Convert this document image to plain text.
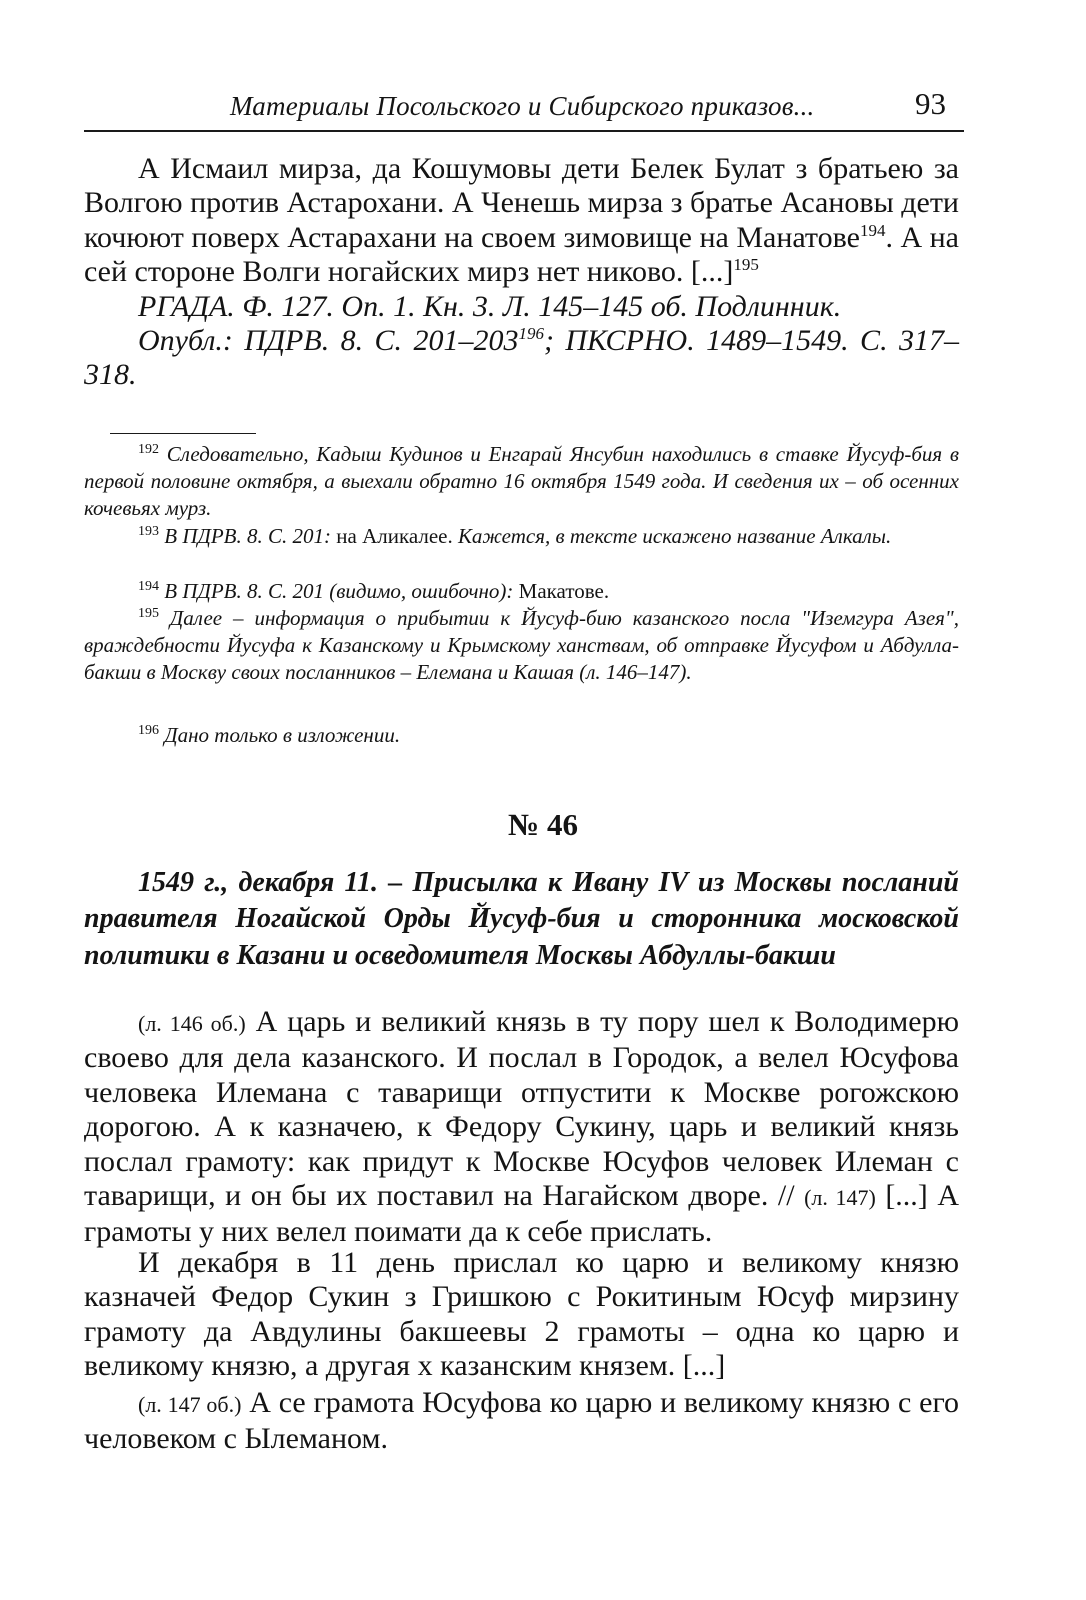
Материалы Посольского и Сибирского приказов...	93

А Исмаил мирза, да Кошумовы дети Белек Булат з братьею за Волгою против Астарохани. А Ченешь мирза з братье Асановы дети кочюют поверх Астарахани на своем зимовище на Манатове$^{194}$. А на сей стороне Волги ногайских мирз нет никово. [...]$^{195}$

РГАДА. Ф. 127. Оп. 1. Кн. 3. Л. 145–145 об. Подлинник.

Опубл.: ПДРВ. 8. С. $201-203^{196}$; ПКСРНО. 1489–1549. С. 317–318.

$^{192}$ Следовательно, Кадыш Кудинов и Енгарай Янсубин находились в ставке Йусуф-бия в первой половине октября, а выехали обратно 16 октября 1549 года. И сведения их – об осенних кочевьях мурз.

$^{193}$ В ПДРВ. 8. С. 201: на Аликалее. Кажется, в тексте искажено название Алкалы.

$^{194}$ В ПДРВ. 8. С. 201 (видимо, ошибочно): Макатове.

$^{195}$ Далее – информация о прибытии к Йусуф-бию казанского посла "Иземгура Азея", враждебности Йусуфа к Казанскому и Крымскому ханствам, об отправке Йусуфом и Абдулла-бакши в Москву своих посланников – Елемана и Кашая (л. 146–147).

$^{196}$ Дано только в изложении.

№ 46

1549 г., декабря 11. – Присылка к Ивану IV из Москвы посланий правителя Ногайской Орды Йусуф-бия и сторонника московской политики в Казани и осведомителя Москвы Абдуллы-бакши

(л. 146 об.) А царь и великий князь в ту пору шел к Володимерю своево для дела казанского. И послал в Городок, а велел Юсуфова человека Илемана с таварищи отпустити к Москве рогожскою дорогою. А к казначею, к Федору Сукину, царь и великий князь послал грамоту: как придут к Москве Юсуфов человек Илеман с таварищи, и он бы их поставил на Нагайском дворе. // (л. 147) [...] А грамоты у них велел поимати да к себе прислать.

И декабря в 11 день прислал ко царю и великому князю казначей Федор Сукин з Гришкою с Рокитиным Юсуф мирзину грамоту да Авдулины бакшеевы 2 грамоты – одна ко царю и великому князю, а другая х казанским князем. [...]

(л. 147 об.) А се грамота Юсуфова ко царю и великому князю с его человеком с Ылеманом.
